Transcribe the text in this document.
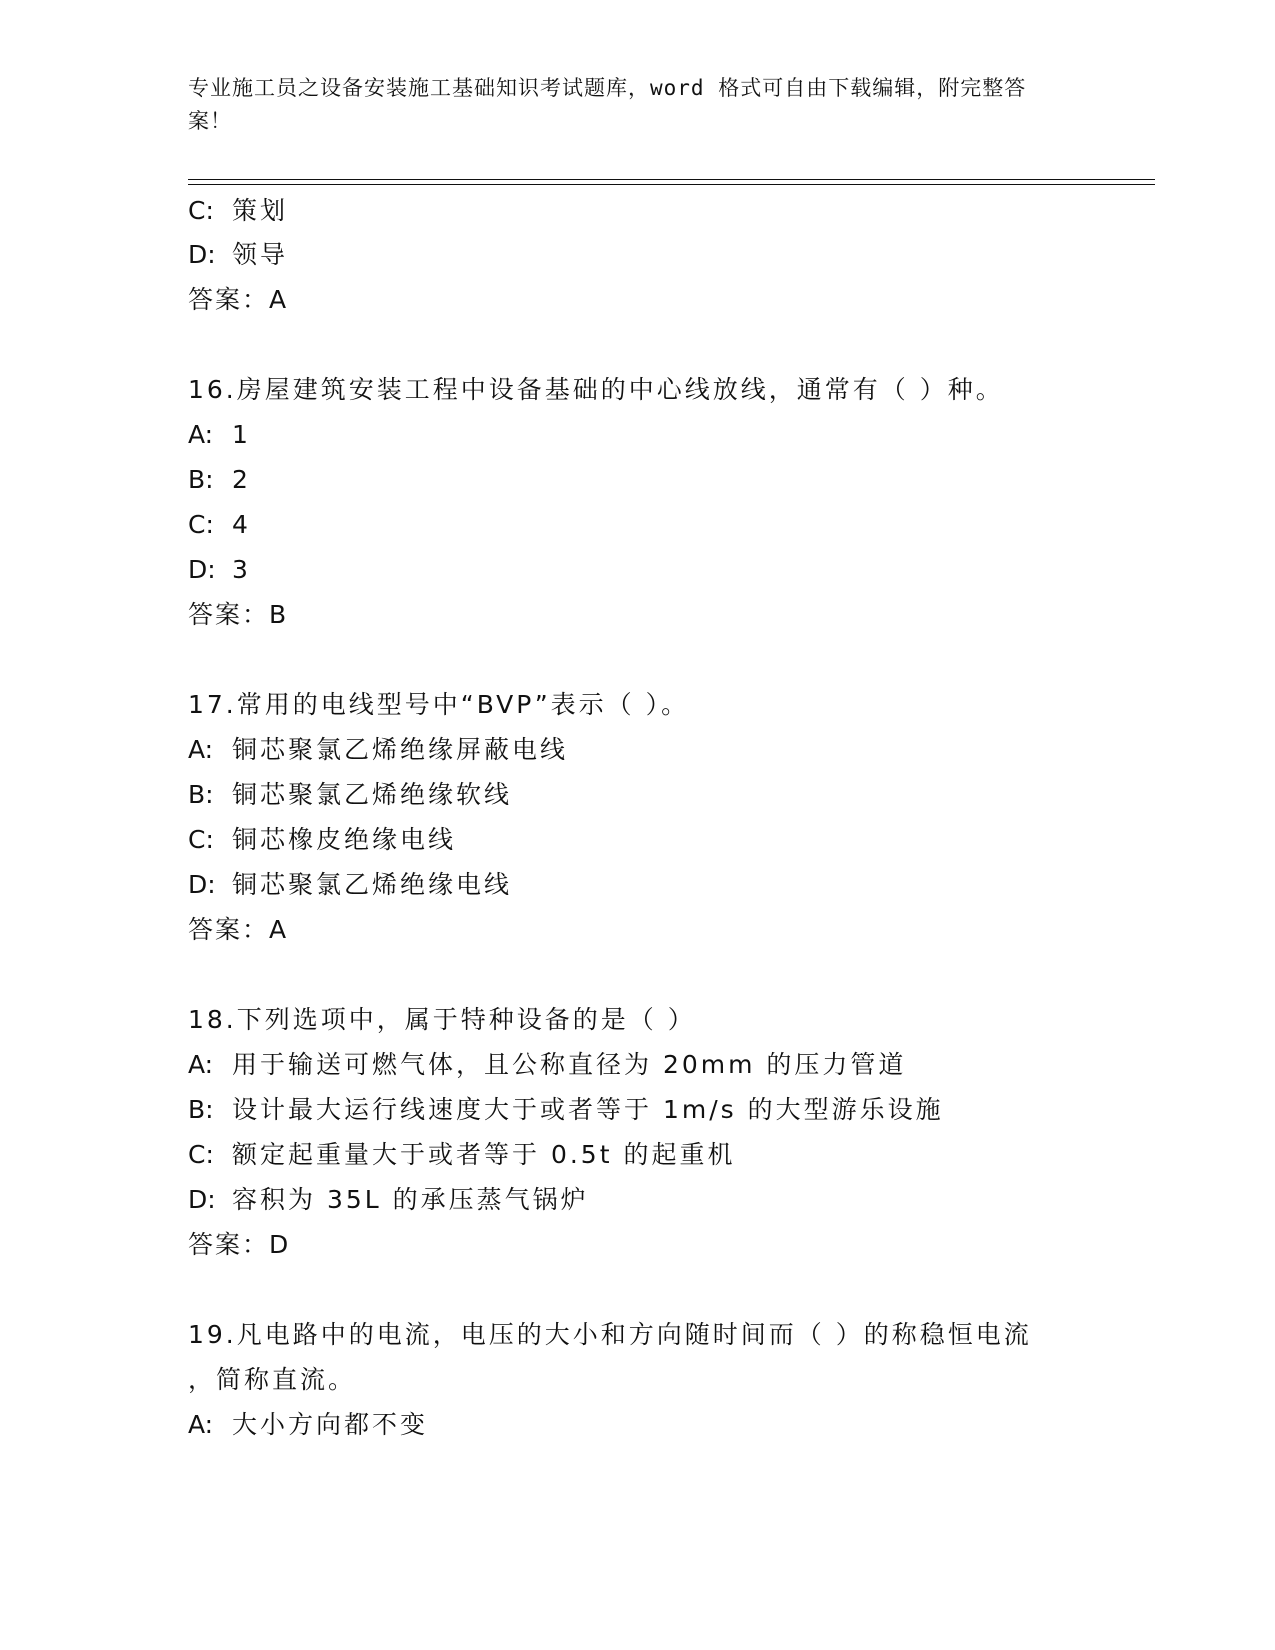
专业施工员之设备安装施工基础知识考试题库，word 格式可自由下载编辑，附完整答案！
C: 策划
D: 领导
答案：A
16.房屋建筑安装工程中设备基础的中心线放线，通常有（ ）种。
A: 1
B: 2
C: 4
D: 3
答案：B
17.常用的电线型号中“BVP”表示（ ）。
A: 铜芯聚氯乙烯绝缘屏蔽电线
B: 铜芯聚氯乙烯绝缘软线
C: 铜芯橡皮绝缘电线
D: 铜芯聚氯乙烯绝缘电线
答案：A
18.下列选项中，属于特种设备的是（ ）
A: 用于输送可燃气体，且公称直径为 20mm 的压力管道
B: 设计最大运行线速度大于或者等于 1m/s 的大型游乐设施
C: 额定起重量大于或者等于 0.5t 的起重机
D: 容积为 35L 的承压蒸气锅炉
答案：D
19.凡电路中的电流，电压的大小和方向随时间而（ ）的称稳恒电流
，简称直流。
A: 大小方向都不变
